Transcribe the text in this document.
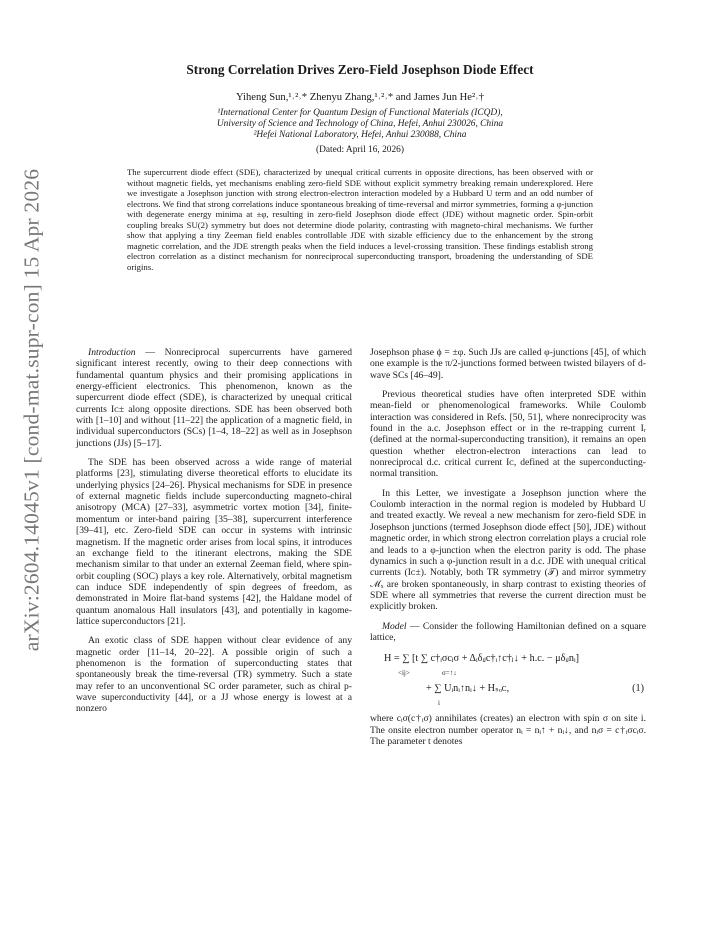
arXiv:2604.14045v1 [cond-mat.supr-con] 15 Apr 2026
Strong Correlation Drives Zero-Field Josephson Diode Effect
Yiheng Sun,¹˒²˒* Zhenyu Zhang,¹˒²˒* and James Jun He²˒†
¹International Center for Quantum Design of Functional Materials (ICQD),
University of Science and Technology of China, Hefei, Anhui 230026, China
²Hefei National Laboratory, Hefei, Anhui 230088, China
(Dated: April 16, 2026)
The supercurrent diode effect (SDE), characterized by unequal critical currents in opposite directions, has been observed with or without magnetic fields, yet mechanisms enabling zero-field SDE without explicit symmetry breaking remain underexplored. Here we investigate a Josephson junction with strong electron-electron interaction modeled by a Hubbard U term and an odd number of electrons. We find that strong correlations induce spontaneous breaking of time-reversal and mirror symmetries, forming a φ-junction with degenerate energy minima at ±φ, resulting in zero-field Josephson diode effect (JDE) without magnetic order. Spin-orbit coupling breaks SU(2) symmetry but does not determine diode polarity, contrasting with magneto-chiral mechanisms. We further show that applying a tiny Zeeman field enables controllable JDE with sizable efficiency due to the enhancement by the strong magnetic correlation, and the JDE strength peaks when the field induces a level-crossing transition. These findings establish strong electron correlation as a distinct mechanism for nonreciprocal superconducting transport, broadening the understanding of SDE origins.

Introduction — Nonreciprocal supercurrents have garnered significant interest recently, owing to their deep connections with fundamental quantum physics and their promising applications in energy-efficient electronics. This phenomenon, known as the supercurrent diode effect (SDE), is characterized by unequal critical currents Iᴄ± along opposite directions. SDE has been observed both with [1–10] and without [11–22] the application of a magnetic field, in individual superconductors (SCs) [1–4, 18–22] as well as in Josephson junctions (JJs) [5–17].

The SDE has been observed across a wide range of material platforms [23], stimulating diverse theoretical efforts to elucidate its underlying physics [24–26]. Physical mechanisms for SDE in presence of external magnetic fields include superconducting magneto-chiral anisotropy (MCA) [27–33], asymmetric vortex motion [34], finite-momentum or inter-band pairing [35–38], supercurrent interference [39–41], etc. Zero-field SDE can occur in systems with intrinsic magnetism. If the magnetic order arises from local spins, it introduces an exchange field to the itinerant electrons, making the SDE mechanism similar to that under an external Zeeman field, where spin-orbit coupling (SOC) plays a key role. Alternatively, orbital magnetism can induce SDE independently of spin degrees of freedom, as demonstrated in Moire flat-band systems [42], the Haldane model of quantum anomalous Hall insulators [43], and potentially in kagome-lattice superconductors [21].

An exotic class of SDE happen without clear evidence of any magnetic order [11–14, 20–22]. A possible origin of such a phenomenon is the formation of superconducting states that spontaneously break the time-reversal (TR) symmetry. Such a state may refer to an unconventional SC order parameter, such as chiral p-wave superconductivity [44], or a JJ whose energy is lowest at a nonzero

Josephson phase ϕ = ±φ. Such JJs are called φ-junctions [45], of which one example is the π/2-junctions formed between twisted bilayers of d-wave SCs [46–49].

Previous theoretical studies have often interpreted SDE within mean-field or phenomenological frameworks. While Coulomb interaction was considered in Refs. [50, 51], where nonreciprocity was found in the a.c. Josephson effect or in the re-trapping current Iᵣ (defined at the normal-superconducting transition), it remains an open question whether electron-electron interactions can lead to nonreciprocal d.c. critical current Iᴄ, defined at the superconducting-normal transition.

In this Letter, we investigate a Josephson junction where the Coulomb interaction in the normal region is modeled by Hubbard U and treated exactly. We reveal a new mechanism for zero-field SDE in Josephson junctions (termed Josephson diode effect [50], JDE) without magnetic order, in which strong electron correlation plays a crucial role and leads to a φ-junction when the electron parity is odd. The phase dynamics in such a φ-junction result in a d.c. JDE with unequal critical currents (Iᴄ±). Notably, both TR symmetry (𝒯) and mirror symmetry ℳₓ are broken spontaneously, in sharp contrast to existing theories of SDE where all symmetries that reverse the current direction must be explicitly broken.

Model — Consider the following Hamiltonian defined on a square lattice,

H = ∑ [t ∑ c†ᵢσcⱼσ + Δᵢδᵢⱼc†ᵢ↑c†ⱼ↓ + h.c. − μδᵢⱼnᵢ]
<ij>	σ=↑↓
+ ∑ Uᵢnᵢ↑nᵢ↓ + Hₛₒᴄ,
i
(1)

where cᵢσ(c†ᵢσ) annihilates (creates) an electron with spin σ on site i. The onsite electron number operator nᵢ = nᵢ↑ + nᵢ↓, and nᵢσ = c†ᵢσcᵢσ. The parameter t denotes
